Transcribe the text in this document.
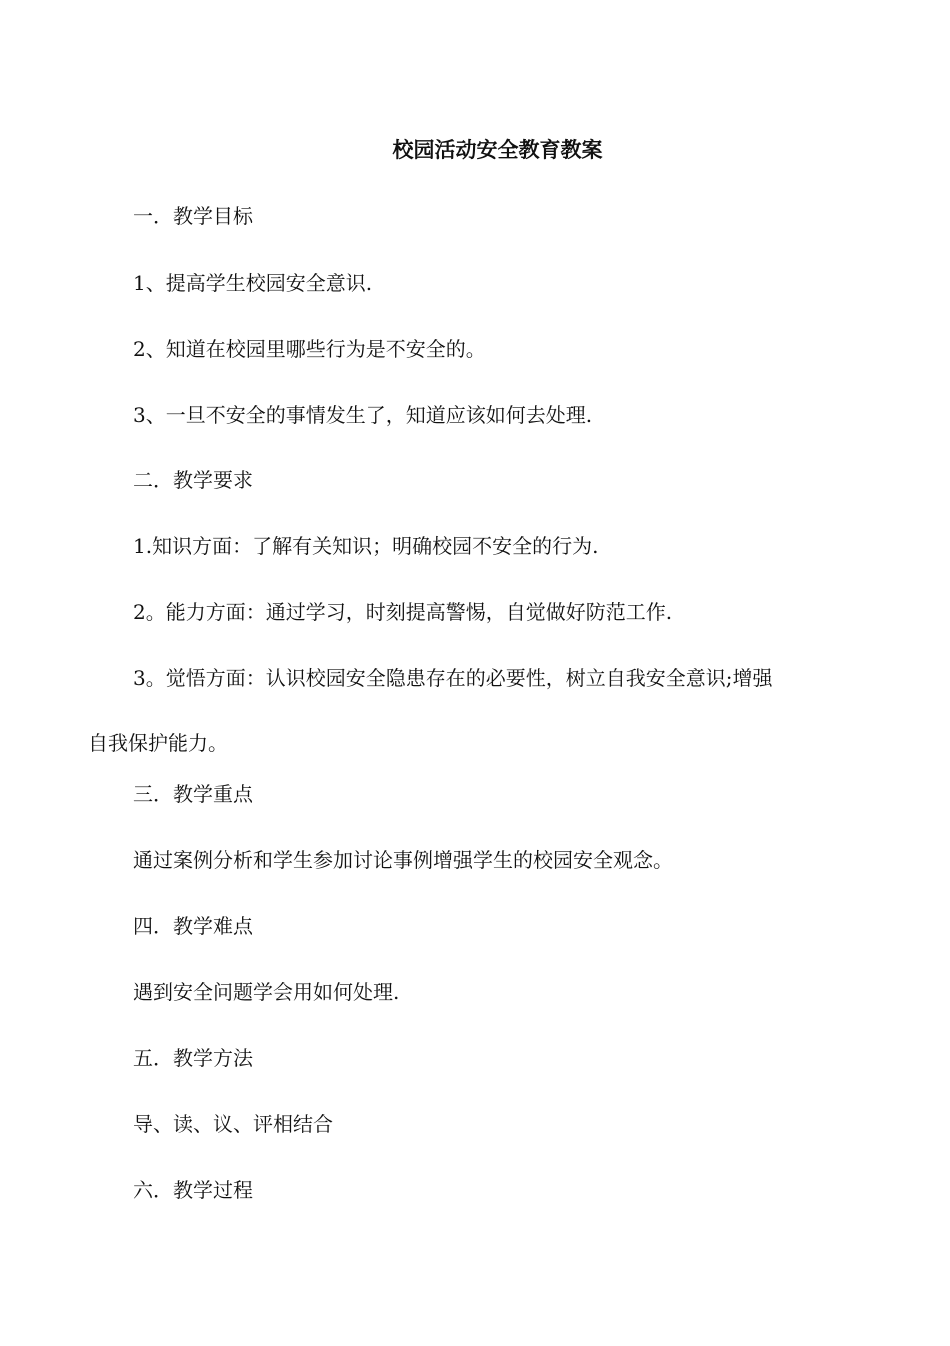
校园活动安全教育教案
一．教学目标
1、提高学生校园安全意识.
2、知道在校园里哪些行为是不安全的。
3、一旦不安全的事情发生了，知道应该如何去处理.
二．教学要求
1.知识方面：了解有关知识；明确校园不安全的行为.
2。能力方面：通过学习，时刻提高警惕，自觉做好防范工作.
3。觉悟方面：认识校园安全隐患存在的必要性，树立自我安全意识;增强
自我保护能力。
三．教学重点
通过案例分析和学生参加讨论事例增强学生的校园安全观念。
四．教学难点
遇到安全问题学会用如何处理.
五．教学方法
导、读、议、评相结合
六．教学过程
